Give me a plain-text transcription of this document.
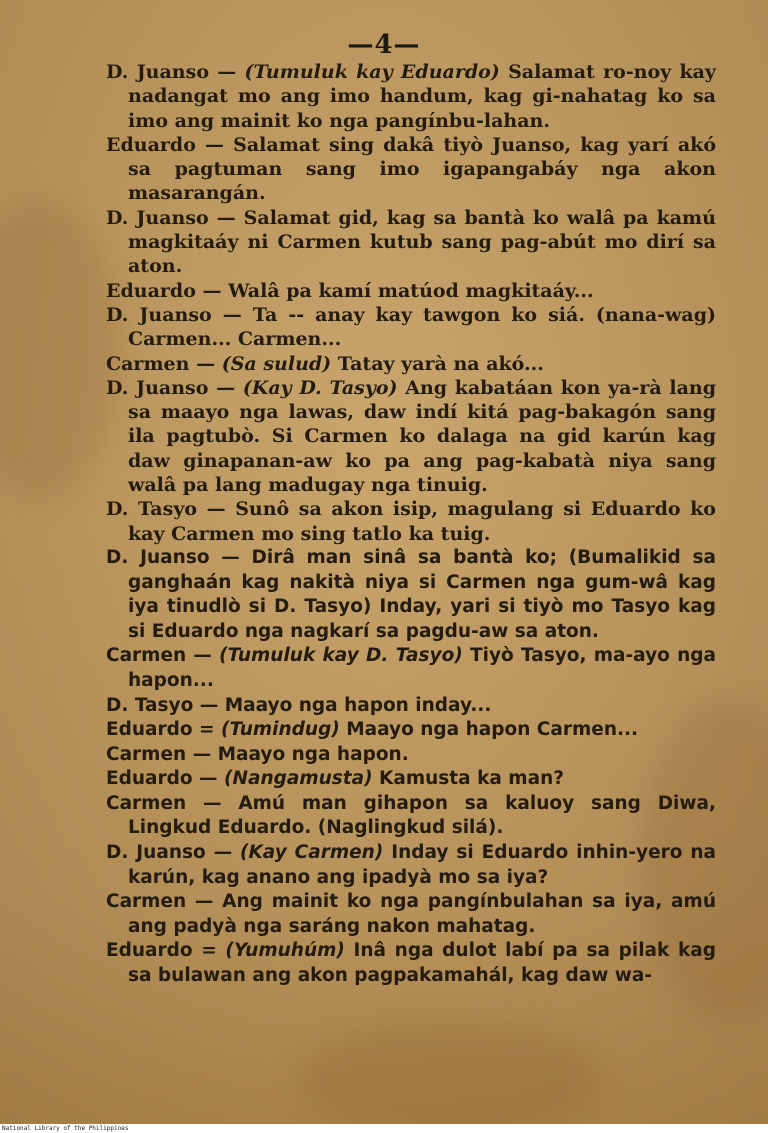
—4—

D. Juanso — (Tumuluk kay Eduardo) Salamat ro-noy kay nadangat mo ang imo handum, kag gi-nahatag ko sa imo ang mainit ko nga pangínbu-lahan.

Eduardo — Salamat sing dakâ tiyò Juanso, kag yarí akó sa pagtuman sang imo igapangabáy nga akon masarangán.

D. Juanso — Salamat gid, kag sa bantà ko walâ pa kamú magkitaáy ni Carmen kutub sang pag-abút mo dirí sa aton.

Eduardo — Walâ pa kamí matúod magkitaáy...

D. Juanso — Ta -- anay kay tawgon ko siá. (nana-wag) Carmen... Carmen...

Carmen — (Sa sulud) Tatay yarà na akó...

D. Juanso — (Kay D. Tasyo) Ang kabatáan kon ya-rà lang sa maayo nga lawas, daw indí kitá pag-bakagón sang ila pagtubò. Si Carmen ko dalaga na gid karún kag daw ginapanan-aw ko pa ang pag-kabatà niya sang walâ pa lang madugay nga tinuig.

D. Tasyo — Sunô sa akon isip, magulang si Eduardo ko kay Carmen mo sing tatlo ka tuig.

D. Juanso — Dirâ man sinâ sa bantà ko; (Bumalikid sa ganghaán kag nakità niya si Carmen nga gum-wâ kag iya tinudlò si D. Tasyo) Inday, yari si tiyò mo Tasyo kag si Eduardo nga nagkarí sa pagdu-aw sa aton.

Carmen — (Tumuluk kay D. Tasyo) Tiyò Tasyo, ma-ayo nga hapon...

D. Tasyo — Maayo nga hapon inday...

Eduardo = (Tumindug) Maayo nga hapon Carmen...

Carmen — Maayo nga hapon.

Eduardo — (Nangamusta) Kamusta ka man?

Carmen — Amú man gihapon sa kaluoy sang Diwa, Lingkud Eduardo. (Naglingkud silá).

D. Juanso — (Kay Carmen) Inday si Eduardo inhin-yero na karún, kag anano ang ipadyà mo sa iya?

Carmen — Ang mainit ko nga pangínbulahan sa iya, amú ang padyà nga saráng nakon mahatag.

Eduardo = (Yumuhúm) Inâ nga dulot labí pa sa pilak kag sa bulawan ang akon pagpakamahál, kag daw wa-

National Library of the Philippines
